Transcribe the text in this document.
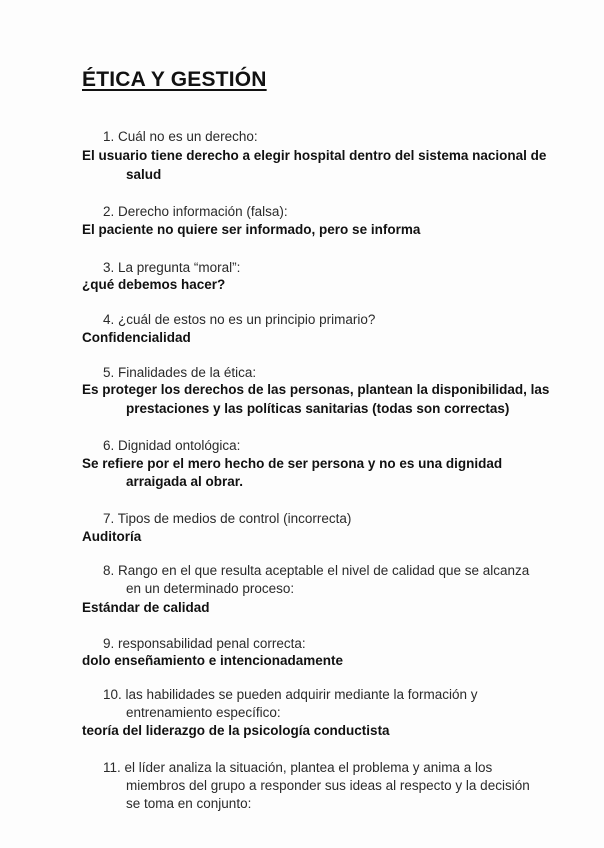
ÉTICA Y GESTIÓN
1. Cuál no es un derecho:
El usuario tiene derecho a elegir hospital dentro del sistema nacional de
salud
2. Derecho información (falsa):
El paciente no quiere ser informado, pero se informa
3. La pregunta “moral”:
¿qué debemos hacer?
4. ¿cuál de estos no es un principio primario?
Confidencialidad
5. Finalidades de la ética:
Es proteger los derechos de las personas, plantean la disponibilidad, las
prestaciones y las políticas sanitarias (todas son correctas)
6. Dignidad ontológica:
Se refiere por el mero hecho de ser persona y no es una dignidad
arraigada al obrar.
7. Tipos de medios de control (incorrecta)
Auditoría
8. Rango en el que resulta aceptable el nivel de calidad que se alcanza
en un determinado proceso:
Estándar de calidad
9. responsabilidad penal correcta:
dolo enseñamiento e intencionadamente
10. las habilidades se pueden adquirir mediante la formación y
entrenamiento específico:
teoría del liderazgo de la psicología conductista
11. el líder analiza la situación, plantea el problema y anima a los
miembros del grupo a responder sus ideas al respecto y la decisión
se toma en conjunto:
